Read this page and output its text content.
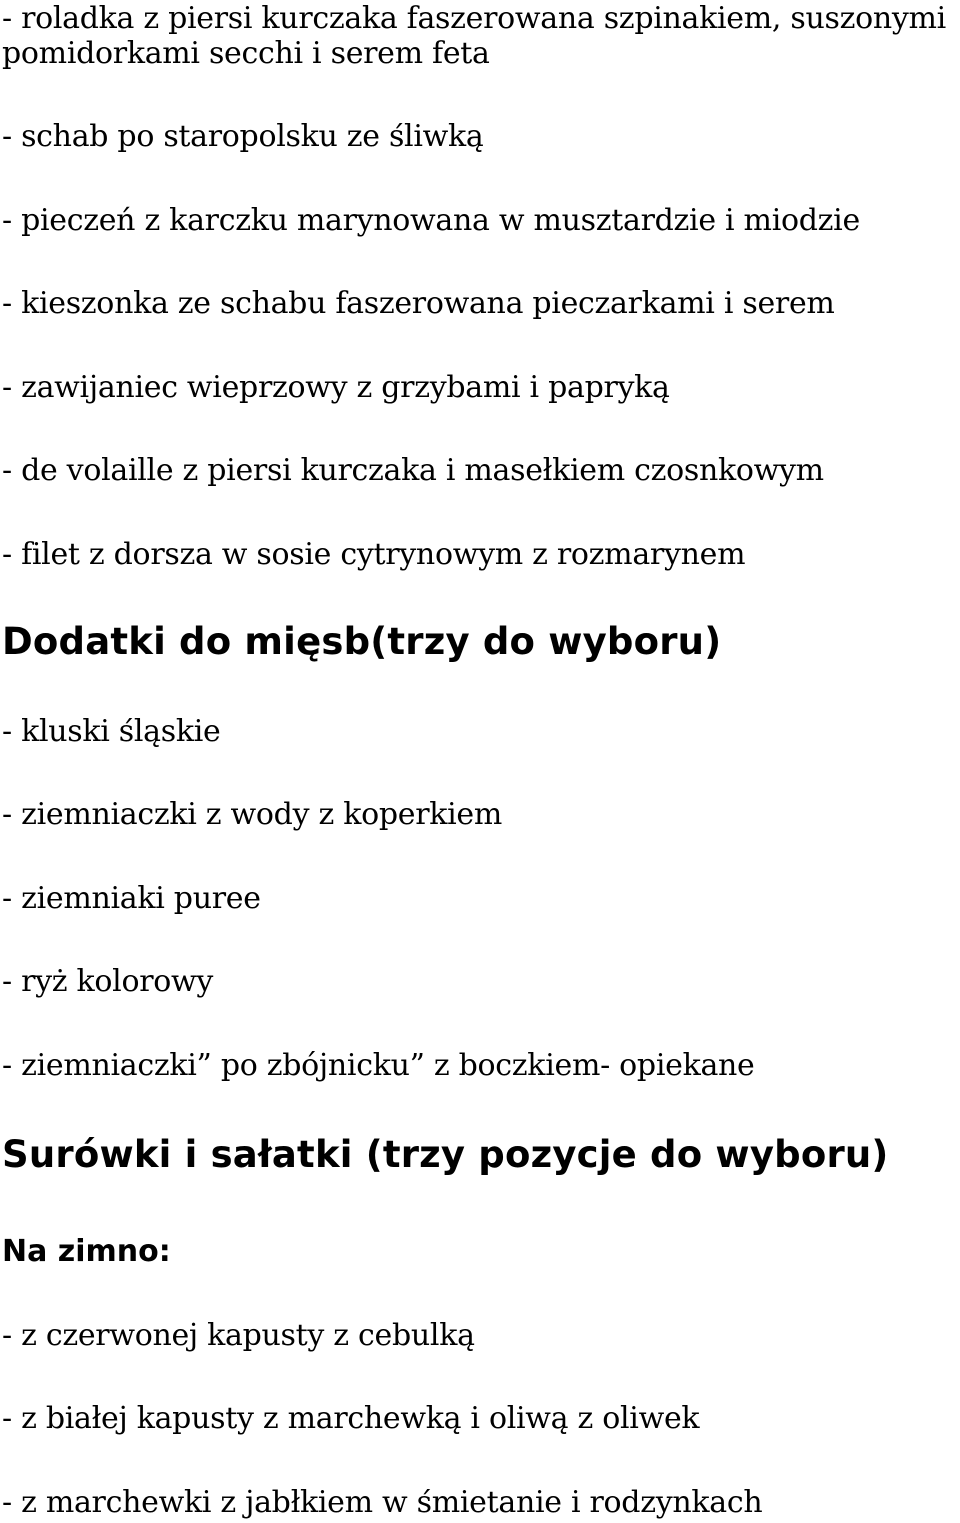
- roladka z piersi kurczaka faszerowana szpinakiem, suszonymi

pomidorkami secchi i serem feta

- schab po staropolsku ze śliwką

- pieczeń z karczku marynowana w musztardzie i miodzie

- kieszonka ze schabu faszerowana pieczarkami i serem

- zawijaniec wieprzowy z grzybami i papryką

- de volaille z piersi kurczaka i masełkiem czosnkowym

- filet z dorsza w sosie cytrynowym z rozmarynem

Dodatki do mięsb(trzy do wyboru)

- kluski śląskie

- ziemniaczki z wody z koperkiem

- ziemniaki puree

- ryż kolorowy

- ziemniaczki” po zbójnicku” z boczkiem- opiekane

Surówki i sałatki (trzy pozycje do wyboru)
Na zimno:

- z czerwonej kapusty z cebulką

- z białej kapusty z marchewką i oliwą z oliwek

- z marchewki z jabłkiem w śmietanie i rodzynkach
